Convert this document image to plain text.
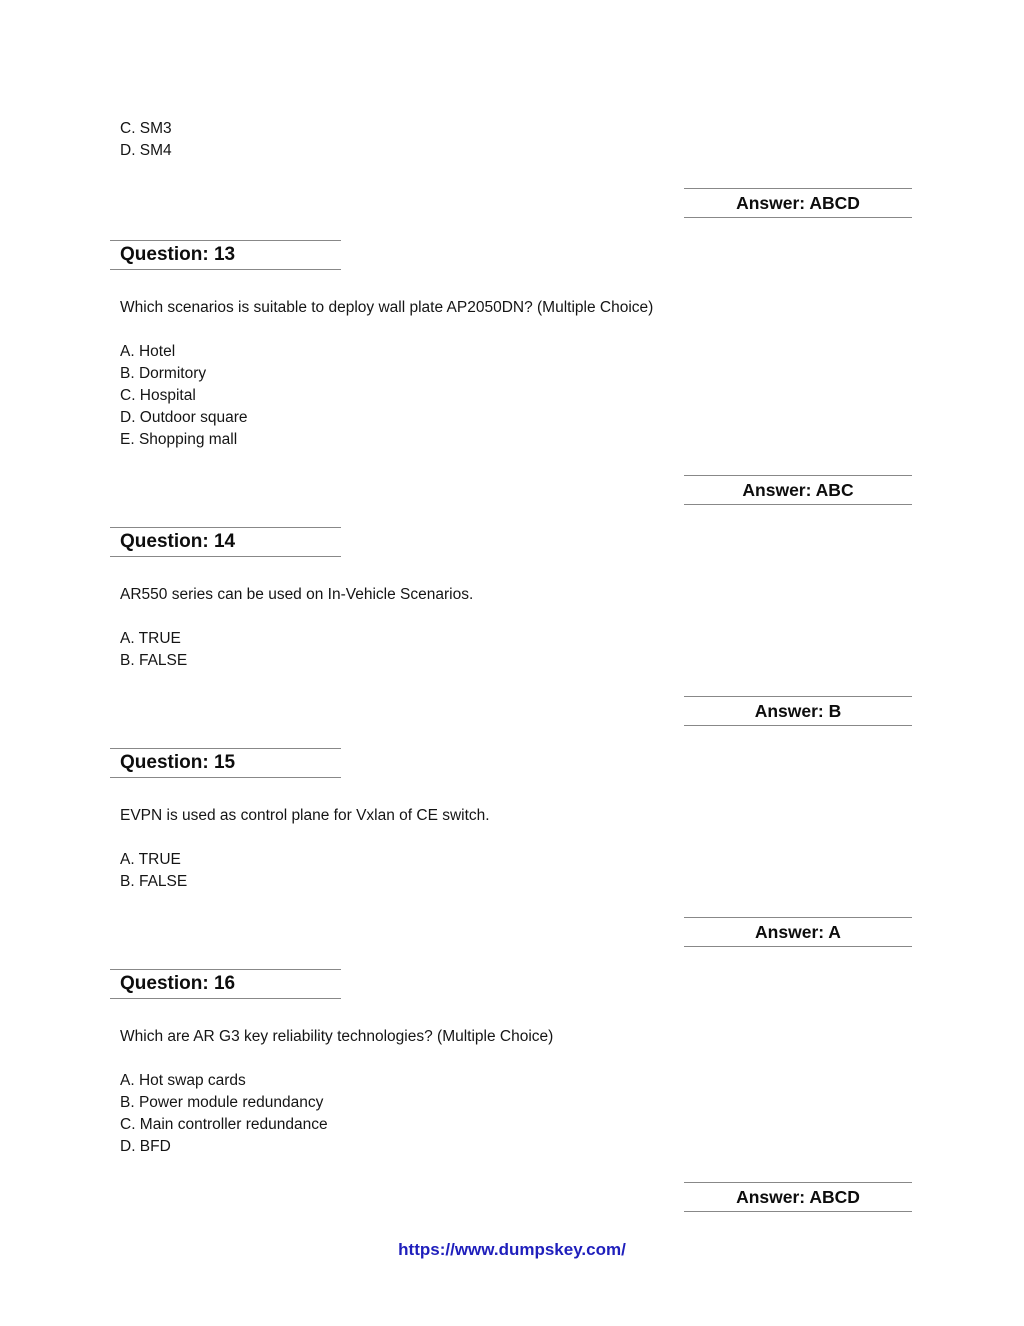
C. SM3
D. SM4
Answer: ABCD
Question: 13
Which scenarios is suitable to deploy wall plate AP2050DN? (Multiple Choice)
A. Hotel
B. Dormitory
C. Hospital
D. Outdoor square
E. Shopping mall
Answer: ABC
Question: 14
AR550 series can be used on In-Vehicle Scenarios.
A. TRUE
B. FALSE
Answer: B
Question: 15
EVPN is used as control plane for Vxlan of CE switch.
A. TRUE
B. FALSE
Answer: A
Question: 16
Which are AR G3 key reliability technologies? (Multiple Choice)
A. Hot swap cards
B. Power module redundancy
C. Main controller redundance
D. BFD
Answer: ABCD
https://www.dumpskey.com/
